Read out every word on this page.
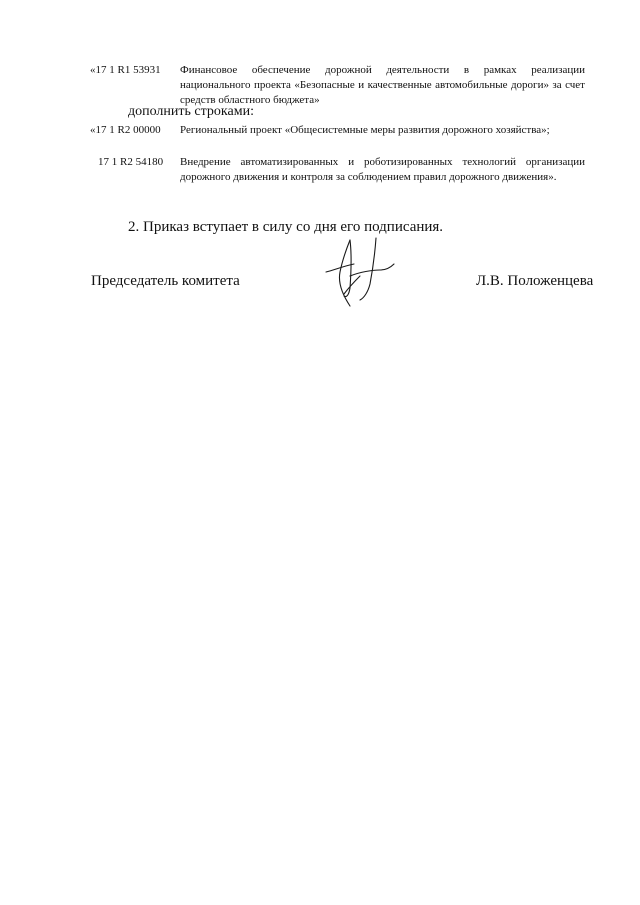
«17 1 R1 53931	Финансовое обеспечение дорожной деятельности в рамках реализации национального проекта «Безопасные и качественные автомобильные дороги» за счет средств областного бюджета»
дополнить строками:
«17 1 R2 00000	Региональный проект «Общесистемные меры развития дорожного хозяйства»;
17 1 R2 54180	Внедрение автоматизированных и роботизированных технологий организации дорожного движения и контроля за соблюдением правил дорожного движения».
2. Приказ вступает в силу со дня его подписания.
Председатель комитета	Л.В. Положенцева
